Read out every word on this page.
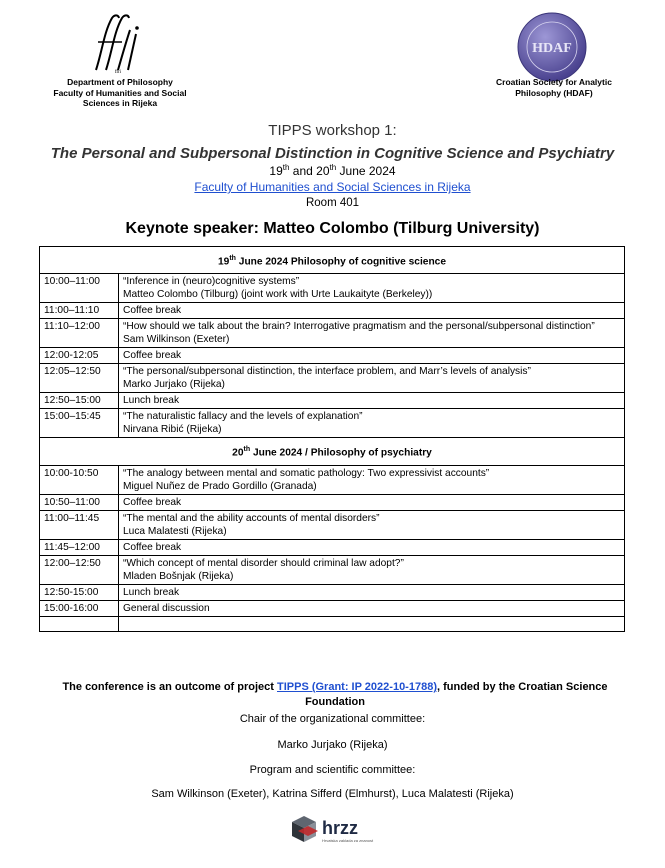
ffri
Department of Philosophy
Faculty of Humanities and Social
Sciences in Rijeka
HDAF
Croatian Society for Analytic
Philosophy (HDAF)
TIPPS workshop 1:
The Personal and Subpersonal Distinction in Cognitive Science and Psychiatry
19th and 20th June 2024
Faculty of Humanities and Social Sciences in Rijeka
Room 401
Keynote speaker: Matteo Colombo (Tilburg University)
19th June 2024 Philosophy of cognitive science	
10:00–11:00	“Inference in (neuro)cognitive systems”
Matteo Colombo (Tilburg) (joint work with Urte Laukaityte (Berkeley))

11:00–11:10	Coffee break

11:10–12:00	“How should we talk about the brain? Interrogative pragmatism and the personal/subpersonal distinction”
Sam Wilkinson (Exeter)

12:00-12:05	Coffee break

12:05–12:50	“The personal/subpersonal distinction, the interface problem, and Marr’s levels of analysis”
Marko Jurjako (Rijeka)

12:50–15:00	Lunch break

15:00–15:45	“The naturalistic fallacy and the levels of explanation”
Nirvana Ribić (Rijeka)

20th June 2024 / Philosophy of psychiatry	
10:00-10:50	“The analogy between mental and somatic pathology: Two expressivist accounts”
Miguel Nuñez de Prado Gordillo (Granada)

10:50–11:00	Coffee break

11:00–11:45	“The mental and the ability accounts of mental disorders”
Luca Malatesti (Rijeka)

11:45–12:00	Coffee break

12:00–12:50	“Which concept of mental disorder should criminal law adopt?”
Mladen Bošnjak (Rijeka)

12:50-15:00	Lunch break

15:00-16:00	General discussion

The conference is an outcome of project TIPPS (Grant: IP 2022-10-1788), funded by the Croatian Science Foundation
Chair of the organizational committee:
Marko Jurjako (Rijeka)
Program and scientific committee:
Sam Wilkinson (Exeter), Katrina Sifferd (Elmhurst), Luca Malatesti (Rijeka)
hrzz
Hrvatska zaklada za znanost
